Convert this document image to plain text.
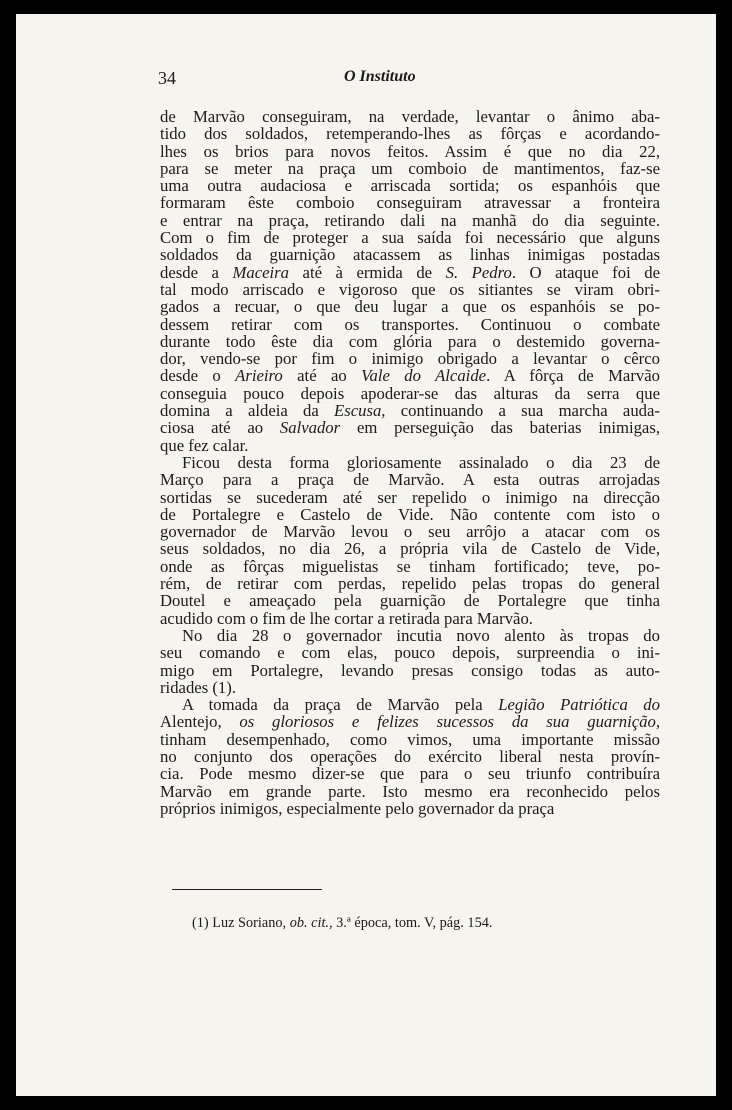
34	O Instituto
de Marvão conseguiram, na verdade, levantar o ânimo aba-
tido dos soldados, retemperando-lhes as fôrças e acordando-
lhes os brios para novos feitos. Assim é que no dia 22,
para se meter na praça um comboio de mantimentos, faz-se
uma outra audaciosa e arriscada sortida; os espanhóis que
formaram êste comboio conseguiram atravessar a fronteira
e entrar na praça, retirando dali na manhã do dia seguinte.
Com o fim de proteger a sua saída foi necessário que alguns
soldados da guarnição atacassem as linhas inimigas postadas
desde a Maceira até à ermida de S. Pedro. O ataque foi de
tal modo arriscado e vigoroso que os sitiantes se viram obri-
gados a recuar, o que deu lugar a que os espanhóis se po-
dessem retirar com os transportes. Continuou o combate
durante todo êste dia com glória para o destemido governa-
dor, vendo-se por fim o inimigo obrigado a levantar o cêrco
desde o Arieiro até ao Vale do Alcaide. A fôrça de Marvão
conseguia pouco depois apoderar-se das alturas da serra que
domina a aldeia da Escusa, continuando a sua marcha auda-
ciosa até ao Salvador em perseguição das baterias inimigas,
que fez calar.
Ficou desta forma gloriosamente assinalado o dia 23 de
Março para a praça de Marvão. A esta outras arrojadas
sortidas se sucederam até ser repelido o inimigo na direcção
de Portalegre e Castelo de Vide. Não contente com isto o
governador de Marvão levou o seu arrôjo a atacar com os
seus soldados, no dia 26, a própria vila de Castelo de Vide,
onde as fôrças miguelistas se tinham fortificado; teve, po-
rém, de retirar com perdas, repelido pelas tropas do general
Doutel e ameaçado pela guarnição de Portalegre que tinha
acudido com o fim de lhe cortar a retirada para Marvão.
No dia 28 o governador incutia novo alento às tropas do
seu comando e com elas, pouco depois, surpreendia o ini-
migo em Portalegre, levando presas consigo todas as auto-
ridades (1).
A tomada da praça de Marvão pela Legião Patriótica do
Alentejo, os gloriosos e felizes sucessos da sua guarnição,
tinham desempenhado, como vimos, uma importante missão
no conjunto dos operações do exército liberal nesta provín-
cia. Pode mesmo dizer-se que para o seu triunfo contribuíra
Marvão em grande parte. Isto mesmo era reconhecido pelos
próprios inimigos, especialmente pelo governador da praça
(1) Luz Soriano, ob. cit., 3.ª época, tom. V, pág. 154.
